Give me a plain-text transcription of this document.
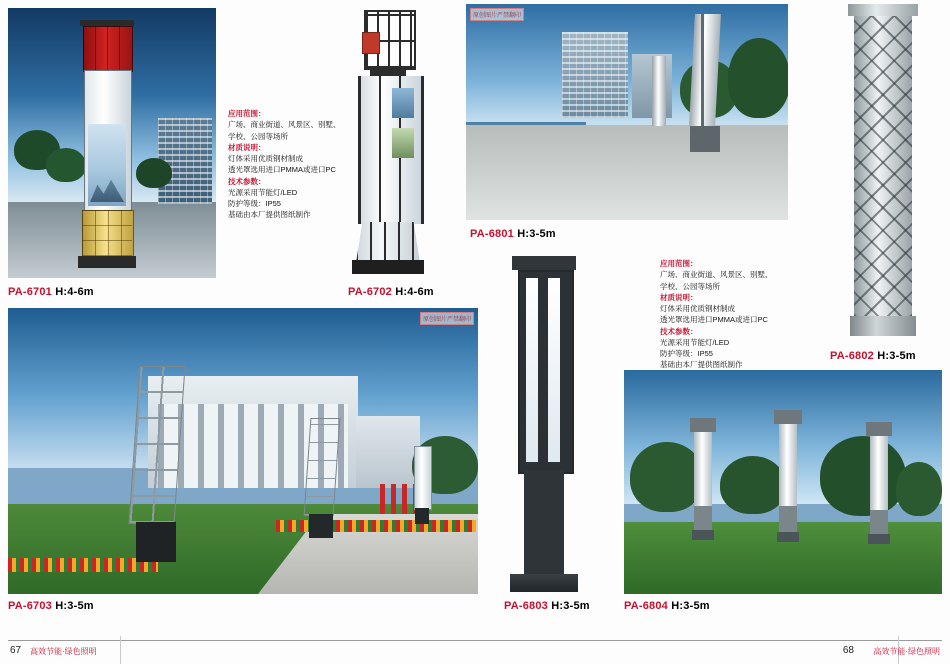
PA-6701 H:4-6m
应用范围：
广场、商业街道、风景区、别墅、
学校、公园等场所
材质说明：
灯体采用优质钢材制成
透光罩选用进口PMMA或进口PC
技术参数：
光源采用节能灯/LED
防护等级：IP55
基础由本厂提供图纸制作
PA-6702 H:4-6m
原创图片严禁翻印
PA-6801 H:3-5m
PA-6802 H:3-5m
应用范围：
广场、商业街道、风景区、别墅、
学校、公园等场所
材质说明：
灯体采用优质钢材制成
透光罩选用进口PMMA或进口PC
技术参数：
光源采用节能灯/LED
防护等级：IP55
基础由本厂提供图纸制作
原创图片严禁翻印
PA-6703 H:3-5m	PA-6803 H:3-5m	PA-6804 H:3-5m
67 高效节能·绿色照明	68 高效节能·绿色照明
